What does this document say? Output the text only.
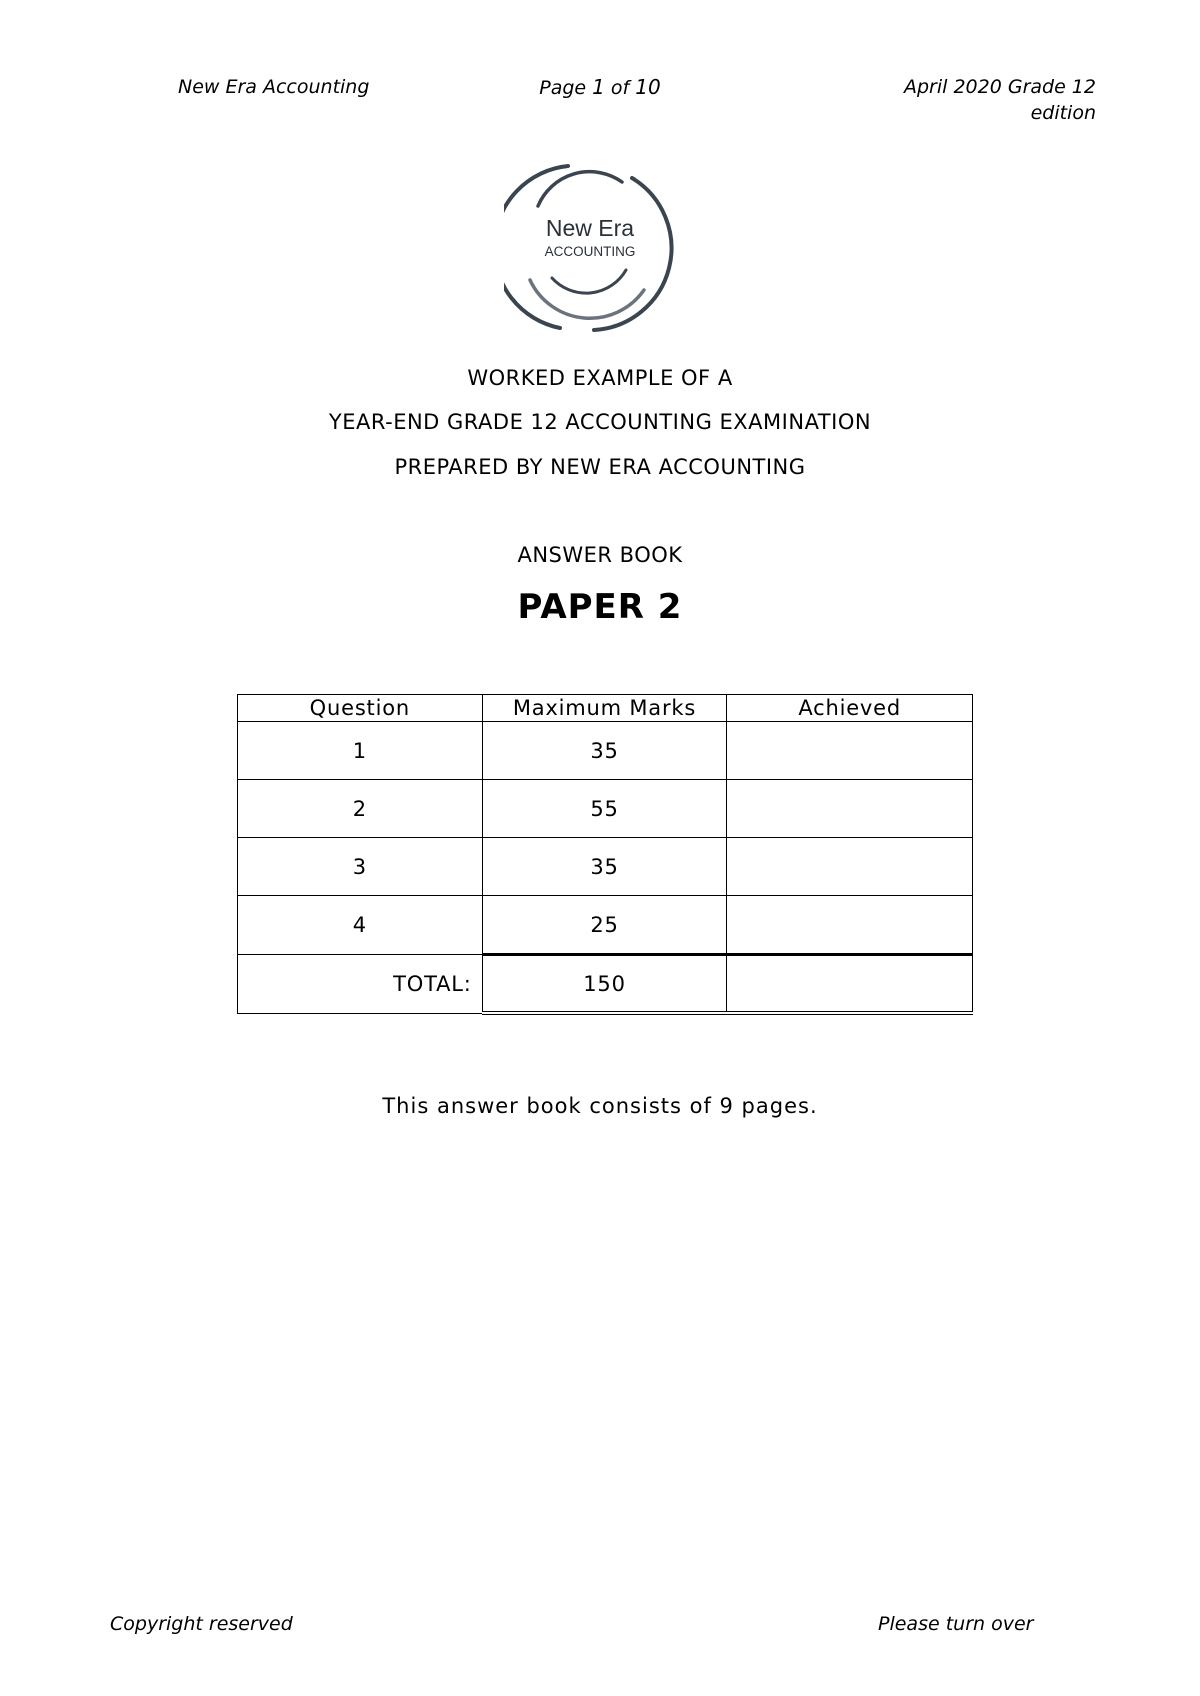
New Era Accounting	Page 1 of 10	April 2020 Grade 12
edition
New Era
ACCOUNTING
WORKED EXAMPLE OF A
YEAR-END GRADE 12 ACCOUNTING EXAMINATION
PREPARED BY NEW ERA ACCOUNTING
ANSWER BOOK
PAPER 2
Question	Maximum Marks	Achieved
1	35	
2	55	
3	35	
4	25	
TOTAL:	150	
This answer book consists of 9 pages.
Copyright reserved	Please turn over
